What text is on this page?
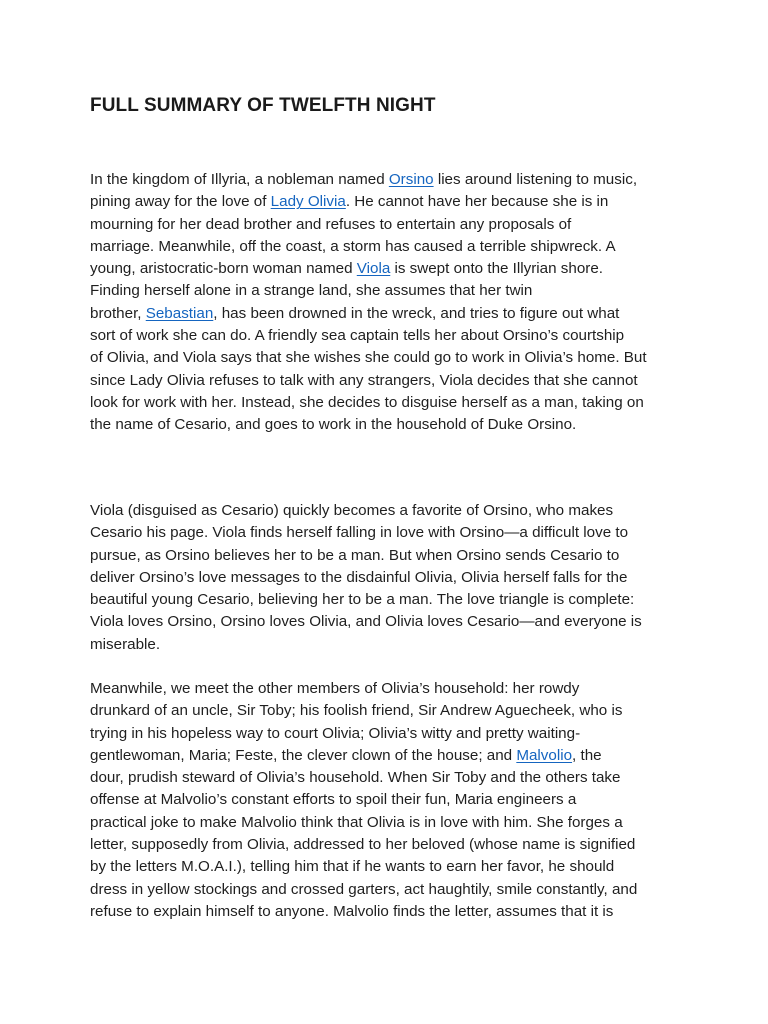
FULL SUMMARY OF TWELFTH NIGHT
In the kingdom of Illyria, a nobleman named Orsino lies around listening to music,
pining away for the love of Lady Olivia. He cannot have her because she is in
mourning for her dead brother and refuses to entertain any proposals of
marriage. Meanwhile, off the coast, a storm has caused a terrible shipwreck. A
young, aristocratic-born woman named Viola is swept onto the Illyrian shore.
Finding herself alone in a strange land, she assumes that her twin
brother, Sebastian, has been drowned in the wreck, and tries to figure out what
sort of work she can do. A friendly sea captain tells her about Orsino’s courtship
of Olivia, and Viola says that she wishes she could go to work in Olivia’s home. But
since Lady Olivia refuses to talk with any strangers, Viola decides that she cannot
look for work with her. Instead, she decides to disguise herself as a man, taking on
the name of Cesario, and goes to work in the household of Duke Orsino.
Viola (disguised as Cesario) quickly becomes a favorite of Orsino, who makes
Cesario his page. Viola finds herself falling in love with Orsino—a difficult love to
pursue, as Orsino believes her to be a man. But when Orsino sends Cesario to
deliver Orsino’s love messages to the disdainful Olivia, Olivia herself falls for the
beautiful young Cesario, believing her to be a man. The love triangle is complete:
Viola loves Orsino, Orsino loves Olivia, and Olivia loves Cesario—and everyone is
miserable.
Meanwhile, we meet the other members of Olivia’s household: her rowdy
drunkard of an uncle, Sir Toby; his foolish friend, Sir Andrew Aguecheek, who is
trying in his hopeless way to court Olivia; Olivia’s witty and pretty waiting-
gentlewoman, Maria; Feste, the clever clown of the house; and Malvolio, the
dour, prudish steward of Olivia’s household. When Sir Toby and the others take
offense at Malvolio’s constant efforts to spoil their fun, Maria engineers a
practical joke to make Malvolio think that Olivia is in love with him. She forges a
letter, supposedly from Olivia, addressed to her beloved (whose name is signified
by the letters M.O.A.I.), telling him that if he wants to earn her favor, he should
dress in yellow stockings and crossed garters, act haughtily, smile constantly, and
refuse to explain himself to anyone. Malvolio finds the letter, assumes that it is
